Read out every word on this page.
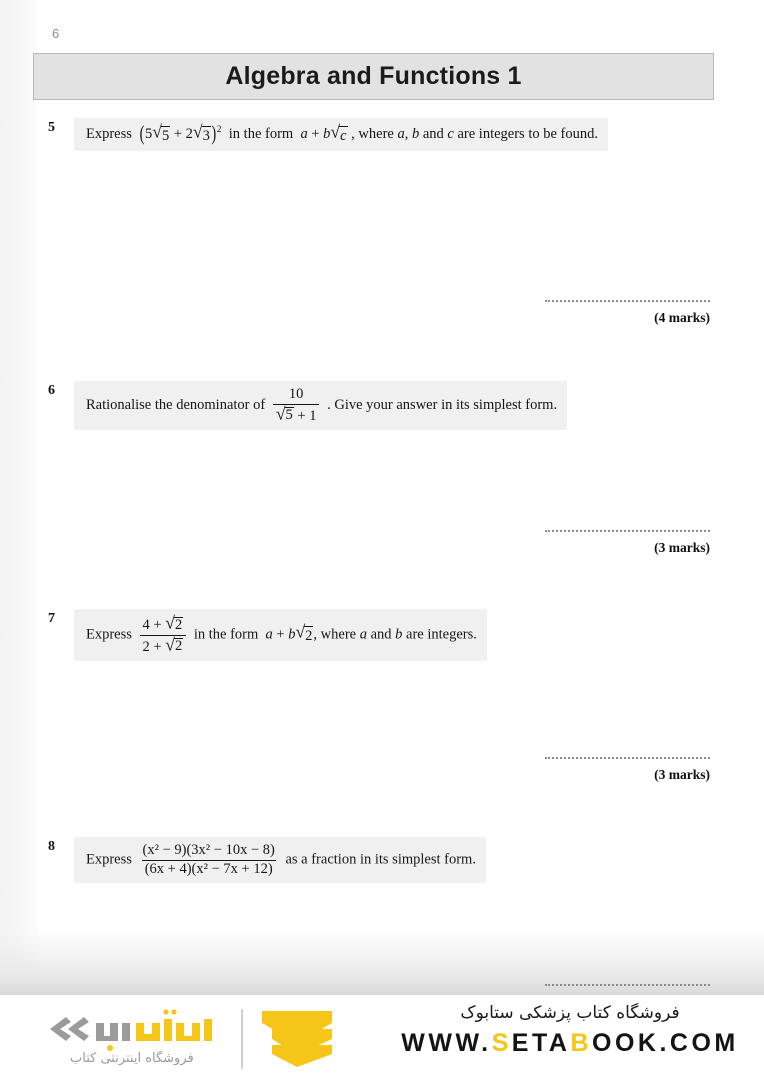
6
Algebra and Functions 1
5	Express (5 √ 5 + 2 √ 3 )$^2$ in the form a + b √ c , where a, b and c are integers to be found.
(4 marks)
6
Rationalise the denominator of $\frac{10}{√ 5 + 1}$ . Give your answer in its simplest form.
(3 marks)
7
Express $\frac{4 + √ 2}{2 + √ 2}$ in the form a + b √ 2 , where a and b are integers.
(3 marks)
8
Express $\frac{\text{(x² − 9)(3x² − 10x − 8)}}{\text{(6x + 4)(x² − 7x + 12)}}$ as a fraction in its simplest form.
فروشگاه اینترنتی کتاب
فروشگاه کتاب پزشکی ستابوک
WWW.SETABOOK.COM
